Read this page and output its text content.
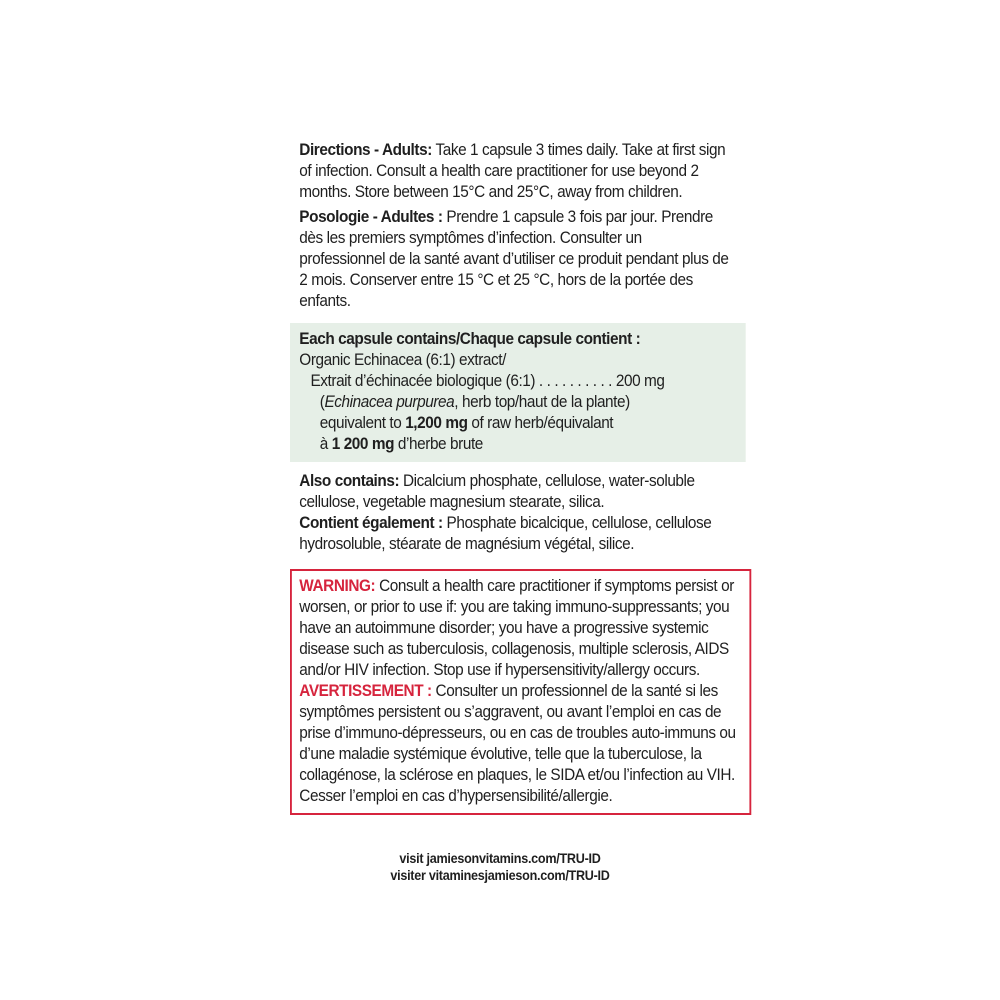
Directions - Adults: Take 1 capsule 3 times daily. Take at first sign of infection. Consult a health care practitioner for use beyond 2 months. Store between 15°C and 25°C, away from children.
Posologie - Adultes : Prendre 1 capsule 3 fois par jour. Prendre dès les premiers symptômes d’infection. Consulter un professionnel de la santé avant d’utiliser ce produit pendant plus de 2 mois. Conserver entre 15 °C et 25 °C, hors de la portée des enfants.
Each capsule contains/Chaque capsule contient :
Organic Echinacea (6:1) extract/
Extrait d’échinacée biologique (6:1) . . . . . . . . . . 200 mg
(Echinacea purpurea, herb top/haut de la plante)
equivalent to 1,200 mg of raw herb/équivalant
à 1 200 mg d’herbe brute
Also contains: Dicalcium phosphate, cellulose, water-soluble cellulose, vegetable magnesium stearate, silica.
Contient également : Phosphate bicalcique, cellulose, cellulose hydrosoluble, stéarate de magnésium végétal, silice.
WARNING: Consult a health care practitioner if symptoms persist or worsen, or prior to use if: you are taking immuno-suppressants; you have an autoimmune disorder; you have a progressive systemic disease such as tuberculosis, collagenosis, multiple sclerosis, AIDS and/or HIV infection. Stop use if hypersensitivity/allergy occurs. AVERTISSEMENT : Consulter un professionnel de la santé si les symptômes persistent ou s’aggravent, ou avant l’emploi en cas de prise d’immuno-dépresseurs, ou en cas de troubles auto-immuns ou d’une maladie systémique évolutive, telle que la tuberculose, la collagénose, la sclérose en plaques, le SIDA et/ou l’infection au VIH. Cesser l’emploi en cas d’hypersensibilité/allergie.
visit jamiesonvitamins.com/TRU-ID
visiter vitaminesjamieson.com/TRU-ID
